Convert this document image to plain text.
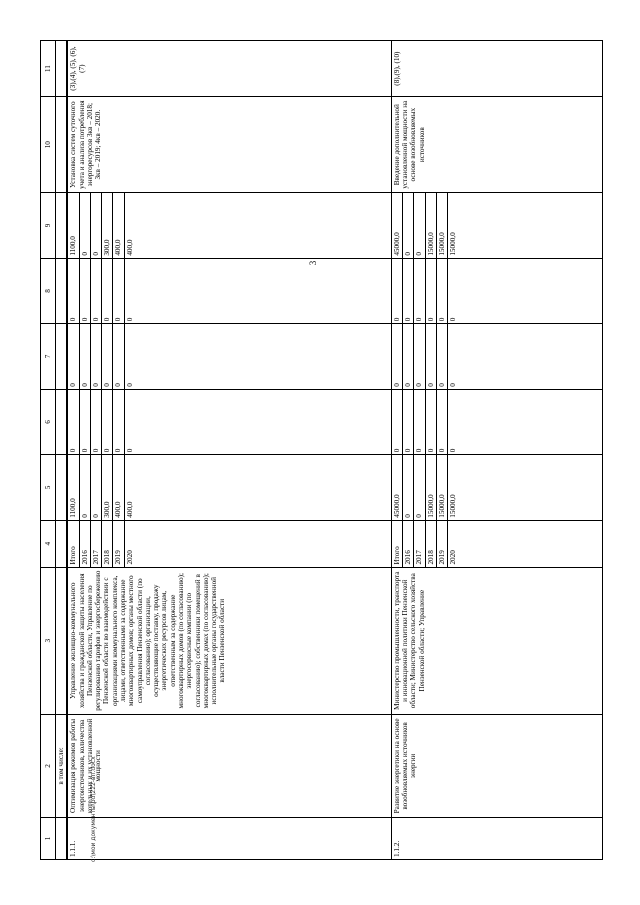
3
1	2	3	4	5	6	7	8	9	10	11
	в том числе:									
1.1.1.	Оптимизация режимов работы энергоисточников, количества котельных и их установленной мощности	Управление жилищно-коммунального хозяйства и гражданской защиты населения Пензенской области, Управление по регулированию тарифов и энергосбережению Пензенской области во взаимодействии с организациями коммунального комплекса, лицами, ответственными за содержание многоквартирных домов; органы местного самоуправления Пензенской области (по согласованию); организации, осуществляющие поставку, продажу энергетических ресурсов лицам, ответственным за содержание многоквартирных домов (по согласованию); энергосервисные компании (по согласованию); собственники помещений в многоквартирных домах (по согласованию); исполнительные органы государственной власти Пензенской области	Итого	1100,0	0	0	0	1100,0	Установка систем суточного учета и анализа потребления энергоресурсов 3кв – 2018; 3кв – 2019; 4кв – 2020.	(3),(4), (5), (6), (7)
			2016	0	0	0	0	0		
			2017	0	0	0	0	0		
			2018	300,0	0	0	0	300,0		
			2019	400,0	0	0	0	400,0		
			2020	400,0	0	0	0	400,0		
1.1.2.	Развитие энергетики на основе возобновляемых источников энергии	Министерство промышленности, транспорта и инновационной политики Пензенской области; Министерство сельского хозяйства Пензенской области; Управление	Итого	45000,0	0	0	0	45000,0	Введение дополнительной установленной мощности на основе возобновляемых источников	(8),(9), (10)
			2016	0	0	0	0	0		
			2017	0	0	0	0	0		
			2018	15000,0	0	0	0	15000,0		
			2019	15000,0	0	0	0	15000,0		
			2020	15000,0	0	0	0	15000,0		
с:\мои документы\pd\222-вп.docx
